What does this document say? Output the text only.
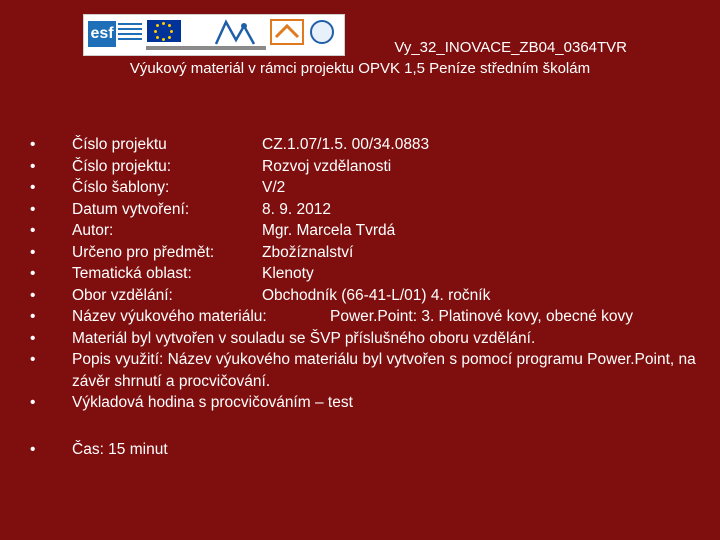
esf
Vy_32_INOVACE_ZB04_0364TVR
Výukový materiál v rámci projektu OPVK 1,5 Peníze středním školám
• Číslo projektu	CZ.1.07/1.5. 00/34.0883
• Číslo projektu:	Rozvoj vzdělanosti
• Číslo šablony:	V/2
• Datum vytvoření:	8. 9. 2012
• Autor:	Mgr. Marcela Tvrdá
• Určeno pro předmět:	Zbožíznalství
• Tematická oblast:	Klenoty
• Obor vzdělání:	Obchodník (66-41-L/01) 4. ročník
• Název výukového materiálu:	Power.Point: 3. Platinové kovy, obecné kovy
• Materiál byl vytvořen v souladu se ŠVP příslušného oboru vzdělání.
• Popis využití: Název výukového materiálu byl vytvořen s pomocí programu Power.Point, na závěr shrnutí a procvičování.
• Výkladová hodina s procvičováním – test
• Čas: 15 minut
